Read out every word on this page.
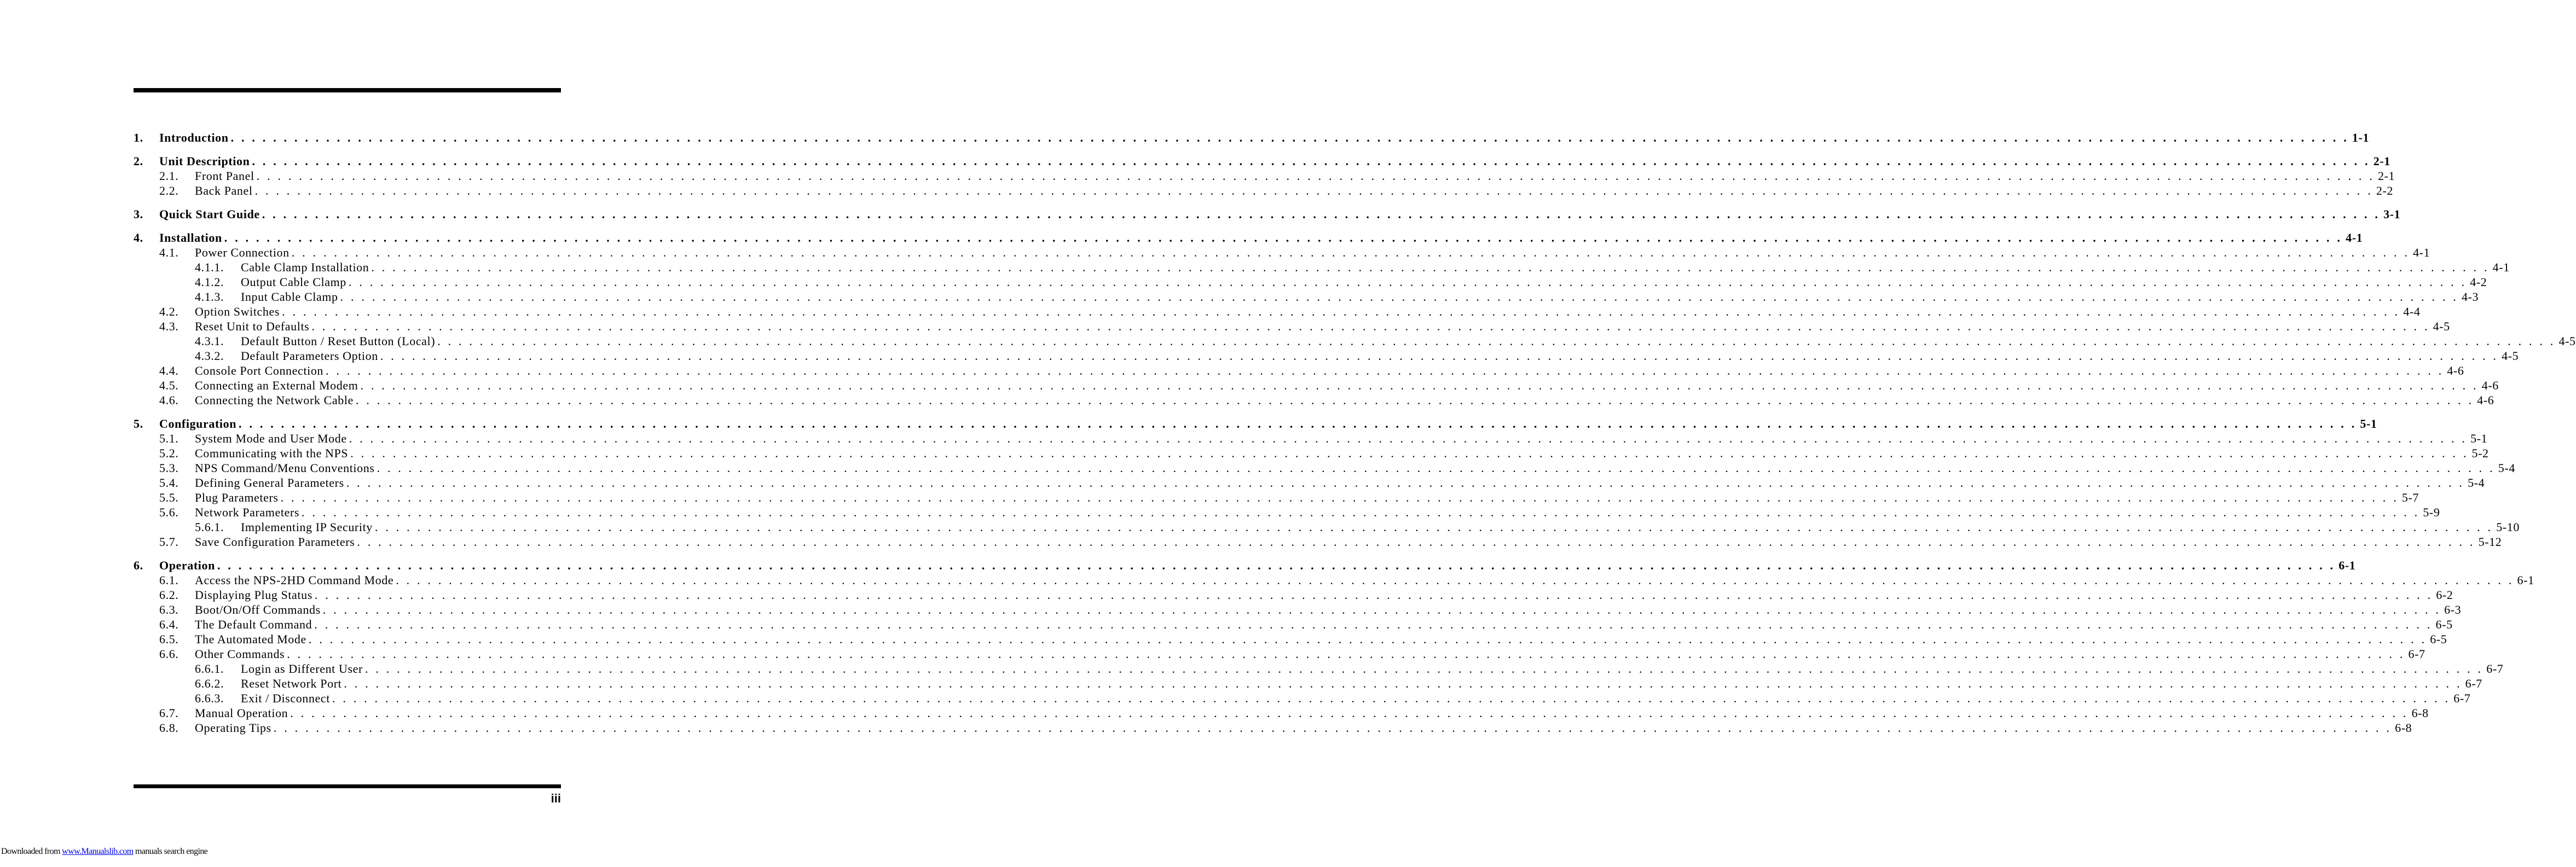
1.	Introduction . . . . . . . . . . . . . . . . . . . . . . . . . . . . . . . . . . . . . . . . . . . . . . . . . . . . . . . . . . . . . . . . . . . . . . . . . . . . . . . . . . . . . . . . . . . . . . . . . . . . . . . . . . . . . . . . . . . . . . . . . . . . . . . . . . . . . . . . . . . . . . . . . . . . . . . . . . . . . . . . . . . . . . . . . . . . . . . . . . . . . . . . . . . . . . . . . . . . . . . . 1-1
2.	Unit Description . . . . . . . . . . . . . . . . . . . . . . . . . . . . . . . . . . . . . . . . . . . . . . . . . . . . . . . . . . . . . . . . . . . . . . . . . . . . . . . . . . . . . . . . . . . . . . . . . . . . . . . . . . . . . . . . . . . . . . . . . . . . . . . . . . . . . . . . . . . . . . . . . . . . . . . . . . . . . . . . . . . . . . . . . . . . . . . . . . . . . . . . . . . . . . . . . . . . . . . . 2-1
2.1.	Front Panel . . . . . . . . . . . . . . . . . . . . . . . . . . . . . . . . . . . . . . . . . . . . . . . . . . . . . . . . . . . . . . . . . . . . . . . . . . . . . . . . . . . . . . . . . . . . . . . . . . . . . . . . . . . . . . . . . . . . . . . . . . . . . . . . . . . . . . . . . . . . . . . . . . . . . . . . . . . . . . . . . . . . . . . . . . . . . . . . . . . . . . . . . . . . . . . . . . . . . . . . 2-1
2.2.	Back Panel . . . . . . . . . . . . . . . . . . . . . . . . . . . . . . . . . . . . . . . . . . . . . . . . . . . . . . . . . . . . . . . . . . . . . . . . . . . . . . . . . . . . . . . . . . . . . . . . . . . . . . . . . . . . . . . . . . . . . . . . . . . . . . . . . . . . . . . . . . . . . . . . . . . . . . . . . . . . . . . . . . . . . . . . . . . . . . . . . . . . . . . . . . . . . . . . . . . . . . . . 2-2
3.	Quick Start Guide . . . . . . . . . . . . . . . . . . . . . . . . . . . . . . . . . . . . . . . . . . . . . . . . . . . . . . . . . . . . . . . . . . . . . . . . . . . . . . . . . . . . . . . . . . . . . . . . . . . . . . . . . . . . . . . . . . . . . . . . . . . . . . . . . . . . . . . . . . . . . . . . . . . . . . . . . . . . . . . . . . . . . . . . . . . . . . . . . . . . . . . . . . . . . . . . . . . . . . . . 3-1
4.	Installation . . . . . . . . . . . . . . . . . . . . . . . . . . . . . . . . . . . . . . . . . . . . . . . . . . . . . . . . . . . . . . . . . . . . . . . . . . . . . . . . . . . . . . . . . . . . . . . . . . . . . . . . . . . . . . . . . . . . . . . . . . . . . . . . . . . . . . . . . . . . . . . . . . . . . . . . . . . . . . . . . . . . . . . . . . . . . . . . . . . . . . . . . . . . . . . . . . . . . . . . 4-1
4.1.	Power Connection . . . . . . . . . . . . . . . . . . . . . . . . . . . . . . . . . . . . . . . . . . . . . . . . . . . . . . . . . . . . . . . . . . . . . . . . . . . . . . . . . . . . . . . . . . . . . . . . . . . . . . . . . . . . . . . . . . . . . . . . . . . . . . . . . . . . . . . . . . . . . . . . . . . . . . . . . . . . . . . . . . . . . . . . . . . . . . . . . . . . . . . . . . . . . . . . . . . . . . . . 4-1
4.1.1.	Cable Clamp Installation . . . . . . . . . . . . . . . . . . . . . . . . . . . . . . . . . . . . . . . . . . . . . . . . . . . . . . . . . . . . . . . . . . . . . . . . . . . . . . . . . . . . . . . . . . . . . . . . . . . . . . . . . . . . . . . . . . . . . . . . . . . . . . . . . . . . . . . . . . . . . . . . . . . . . . . . . . . . . . . . . . . . . . . . . . . . . . . . . . . . . . . . . . . . . . . . . . . . . . . . 4-1
4.1.2.	Output Cable Clamp . . . . . . . . . . . . . . . . . . . . . . . . . . . . . . . . . . . . . . . . . . . . . . . . . . . . . . . . . . . . . . . . . . . . . . . . . . . . . . . . . . . . . . . . . . . . . . . . . . . . . . . . . . . . . . . . . . . . . . . . . . . . . . . . . . . . . . . . . . . . . . . . . . . . . . . . . . . . . . . . . . . . . . . . . . . . . . . . . . . . . . . . . . . . . . . . . . . . . . . . 4-2
4.1.3.	Input Cable Clamp . . . . . . . . . . . . . . . . . . . . . . . . . . . . . . . . . . . . . . . . . . . . . . . . . . . . . . . . . . . . . . . . . . . . . . . . . . . . . . . . . . . . . . . . . . . . . . . . . . . . . . . . . . . . . . . . . . . . . . . . . . . . . . . . . . . . . . . . . . . . . . . . . . . . . . . . . . . . . . . . . . . . . . . . . . . . . . . . . . . . . . . . . . . . . . . . . . . . . . . . 4-3
4.2.	Option Switches . . . . . . . . . . . . . . . . . . . . . . . . . . . . . . . . . . . . . . . . . . . . . . . . . . . . . . . . . . . . . . . . . . . . . . . . . . . . . . . . . . . . . . . . . . . . . . . . . . . . . . . . . . . . . . . . . . . . . . . . . . . . . . . . . . . . . . . . . . . . . . . . . . . . . . . . . . . . . . . . . . . . . . . . . . . . . . . . . . . . . . . . . . . . . . . . . . . . . . . . 4-4
4.3.	Reset Unit to Defaults . . . . . . . . . . . . . . . . . . . . . . . . . . . . . . . . . . . . . . . . . . . . . . . . . . . . . . . . . . . . . . . . . . . . . . . . . . . . . . . . . . . . . . . . . . . . . . . . . . . . . . . . . . . . . . . . . . . . . . . . . . . . . . . . . . . . . . . . . . . . . . . . . . . . . . . . . . . . . . . . . . . . . . . . . . . . . . . . . . . . . . . . . . . . . . . . . . . . . . . . 4-5
4.3.1.	Default Button / Reset Button (Local) . . . . . . . . . . . . . . . . . . . . . . . . . . . . . . . . . . . . . . . . . . . . . . . . . . . . . . . . . . . . . . . . . . . . . . . . . . . . . . . . . . . . . . . . . . . . . . . . . . . . . . . . . . . . . . . . . . . . . . . . . . . . . . . . . . . . . . . . . . . . . . . . . . . . . . . . . . . . . . . . . . . . . . . . . . . . . . . . . . . . . . . . . . . . . . . . . . . . . . . . 4-5
4.3.2.	Default Parameters Option . . . . . . . . . . . . . . . . . . . . . . . . . . . . . . . . . . . . . . . . . . . . . . . . . . . . . . . . . . . . . . . . . . . . . . . . . . . . . . . . . . . . . . . . . . . . . . . . . . . . . . . . . . . . . . . . . . . . . . . . . . . . . . . . . . . . . . . . . . . . . . . . . . . . . . . . . . . . . . . . . . . . . . . . . . . . . . . . . . . . . . . . . . . . . . . . . . . . . . . . 4-5
4.4.	Console Port Connection . . . . . . . . . . . . . . . . . . . . . . . . . . . . . . . . . . . . . . . . . . . . . . . . . . . . . . . . . . . . . . . . . . . . . . . . . . . . . . . . . . . . . . . . . . . . . . . . . . . . . . . . . . . . . . . . . . . . . . . . . . . . . . . . . . . . . . . . . . . . . . . . . . . . . . . . . . . . . . . . . . . . . . . . . . . . . . . . . . . . . . . . . . . . . . . . . . . . . . . . 4-6
4.5.	Connecting an External Modem . . . . . . . . . . . . . . . . . . . . . . . . . . . . . . . . . . . . . . . . . . . . . . . . . . . . . . . . . . . . . . . . . . . . . . . . . . . . . . . . . . . . . . . . . . . . . . . . . . . . . . . . . . . . . . . . . . . . . . . . . . . . . . . . . . . . . . . . . . . . . . . . . . . . . . . . . . . . . . . . . . . . . . . . . . . . . . . . . . . . . . . . . . . . . . . . . . . . . . . . 4-6
4.6.	Connecting the Network Cable . . . . . . . . . . . . . . . . . . . . . . . . . . . . . . . . . . . . . . . . . . . . . . . . . . . . . . . . . . . . . . . . . . . . . . . . . . . . . . . . . . . . . . . . . . . . . . . . . . . . . . . . . . . . . . . . . . . . . . . . . . . . . . . . . . . . . . . . . . . . . . . . . . . . . . . . . . . . . . . . . . . . . . . . . . . . . . . . . . . . . . . . . . . . . . . . . . . . . . . . 4-6
5.	Configuration . . . . . . . . . . . . . . . . . . . . . . . . . . . . . . . . . . . . . . . . . . . . . . . . . . . . . . . . . . . . . . . . . . . . . . . . . . . . . . . . . . . . . . . . . . . . . . . . . . . . . . . . . . . . . . . . . . . . . . . . . . . . . . . . . . . . . . . . . . . . . . . . . . . . . . . . . . . . . . . . . . . . . . . . . . . . . . . . . . . . . . . . . . . . . . . . . . . . . . . . 5-1
5.1.	System Mode and User Mode . . . . . . . . . . . . . . . . . . . . . . . . . . . . . . . . . . . . . . . . . . . . . . . . . . . . . . . . . . . . . . . . . . . . . . . . . . . . . . . . . . . . . . . . . . . . . . . . . . . . . . . . . . . . . . . . . . . . . . . . . . . . . . . . . . . . . . . . . . . . . . . . . . . . . . . . . . . . . . . . . . . . . . . . . . . . . . . . . . . . . . . . . . . . . . . . . . . . . . . . 5-1
5.2.	Communicating with the NPS . . . . . . . . . . . . . . . . . . . . . . . . . . . . . . . . . . . . . . . . . . . . . . . . . . . . . . . . . . . . . . . . . . . . . . . . . . . . . . . . . . . . . . . . . . . . . . . . . . . . . . . . . . . . . . . . . . . . . . . . . . . . . . . . . . . . . . . . . . . . . . . . . . . . . . . . . . . . . . . . . . . . . . . . . . . . . . . . . . . . . . . . . . . . . . . . . . . . . . . . 5-2
5.3.	NPS Command/Menu Conventions . . . . . . . . . . . . . . . . . . . . . . . . . . . . . . . . . . . . . . . . . . . . . . . . . . . . . . . . . . . . . . . . . . . . . . . . . . . . . . . . . . . . . . . . . . . . . . . . . . . . . . . . . . . . . . . . . . . . . . . . . . . . . . . . . . . . . . . . . . . . . . . . . . . . . . . . . . . . . . . . . . . . . . . . . . . . . . . . . . . . . . . . . . . . . . . . . . . . . . . . 5-4
5.4.	Defining General Parameters . . . . . . . . . . . . . . . . . . . . . . . . . . . . . . . . . . . . . . . . . . . . . . . . . . . . . . . . . . . . . . . . . . . . . . . . . . . . . . . . . . . . . . . . . . . . . . . . . . . . . . . . . . . . . . . . . . . . . . . . . . . . . . . . . . . . . . . . . . . . . . . . . . . . . . . . . . . . . . . . . . . . . . . . . . . . . . . . . . . . . . . . . . . . . . . . . . . . . . . . 5-4
5.5.	Plug Parameters . . . . . . . . . . . . . . . . . . . . . . . . . . . . . . . . . . . . . . . . . . . . . . . . . . . . . . . . . . . . . . . . . . . . . . . . . . . . . . . . . . . . . . . . . . . . . . . . . . . . . . . . . . . . . . . . . . . . . . . . . . . . . . . . . . . . . . . . . . . . . . . . . . . . . . . . . . . . . . . . . . . . . . . . . . . . . . . . . . . . . . . . . . . . . . . . . . . . . . . . 5-7
5.6.	Network Parameters . . . . . . . . . . . . . . . . . . . . . . . . . . . . . . . . . . . . . . . . . . . . . . . . . . . . . . . . . . . . . . . . . . . . . . . . . . . . . . . . . . . . . . . . . . . . . . . . . . . . . . . . . . . . . . . . . . . . . . . . . . . . . . . . . . . . . . . . . . . . . . . . . . . . . . . . . . . . . . . . . . . . . . . . . . . . . . . . . . . . . . . . . . . . . . . . . . . . . . . . 5-9
5.6.1.	Implementing IP Security . . . . . . . . . . . . . . . . . . . . . . . . . . . . . . . . . . . . . . . . . . . . . . . . . . . . . . . . . . . . . . . . . . . . . . . . . . . . . . . . . . . . . . . . . . . . . . . . . . . . . . . . . . . . . . . . . . . . . . . . . . . . . . . . . . . . . . . . . . . . . . . . . . . . . . . . . . . . . . . . . . . . . . . . . . . . . . . . . . . . . . . . . . . . . . . . . . . . . . . . 5-10
5.7.	Save Configuration Parameters . . . . . . . . . . . . . . . . . . . . . . . . . . . . . . . . . . . . . . . . . . . . . . . . . . . . . . . . . . . . . . . . . . . . . . . . . . . . . . . . . . . . . . . . . . . . . . . . . . . . . . . . . . . . . . . . . . . . . . . . . . . . . . . . . . . . . . . . . . . . . . . . . . . . . . . . . . . . . . . . . . . . . . . . . . . . . . . . . . . . . . . . . . . . . . . . . . . . . . . . 5-12
6.	Operation . . . . . . . . . . . . . . . . . . . . . . . . . . . . . . . . . . . . . . . . . . . . . . . . . . . . . . . . . . . . . . . . . . . . . . . . . . . . . . . . . . . . . . . . . . . . . . . . . . . . . . . . . . . . . . . . . . . . . . . . . . . . . . . . . . . . . . . . . . . . . . . . . . . . . . . . . . . . . . . . . . . . . . . . . . . . . . . . . . . . . . . . . . . . . . . . . . . . . . . . 6-1
6.1.	Access the NPS-2HD Command Mode . . . . . . . . . . . . . . . . . . . . . . . . . . . . . . . . . . . . . . . . . . . . . . . . . . . . . . . . . . . . . . . . . . . . . . . . . . . . . . . . . . . . . . . . . . . . . . . . . . . . . . . . . . . . . . . . . . . . . . . . . . . . . . . . . . . . . . . . . . . . . . . . . . . . . . . . . . . . . . . . . . . . . . . . . . . . . . . . . . . . . . . . . . . . . . . . . . . . . . . . 6-1
6.2.	Displaying Plug Status . . . . . . . . . . . . . . . . . . . . . . . . . . . . . . . . . . . . . . . . . . . . . . . . . . . . . . . . . . . . . . . . . . . . . . . . . . . . . . . . . . . . . . . . . . . . . . . . . . . . . . . . . . . . . . . . . . . . . . . . . . . . . . . . . . . . . . . . . . . . . . . . . . . . . . . . . . . . . . . . . . . . . . . . . . . . . . . . . . . . . . . . . . . . . . . . . . . . . . . . 6-2
6.3.	Boot/On/Off Commands . . . . . . . . . . . . . . . . . . . . . . . . . . . . . . . . . . . . . . . . . . . . . . . . . . . . . . . . . . . . . . . . . . . . . . . . . . . . . . . . . . . . . . . . . . . . . . . . . . . . . . . . . . . . . . . . . . . . . . . . . . . . . . . . . . . . . . . . . . . . . . . . . . . . . . . . . . . . . . . . . . . . . . . . . . . . . . . . . . . . . . . . . . . . . . . . . . . . . . . . 6-3
6.4.	The Default Command . . . . . . . . . . . . . . . . . . . . . . . . . . . . . . . . . . . . . . . . . . . . . . . . . . . . . . . . . . . . . . . . . . . . . . . . . . . . . . . . . . . . . . . . . . . . . . . . . . . . . . . . . . . . . . . . . . . . . . . . . . . . . . . . . . . . . . . . . . . . . . . . . . . . . . . . . . . . . . . . . . . . . . . . . . . . . . . . . . . . . . . . . . . . . . . . . . . . . . . . 6-5
6.5.	The Automated Mode . . . . . . . . . . . . . . . . . . . . . . . . . . . . . . . . . . . . . . . . . . . . . . . . . . . . . . . . . . . . . . . . . . . . . . . . . . . . . . . . . . . . . . . . . . . . . . . . . . . . . . . . . . . . . . . . . . . . . . . . . . . . . . . . . . . . . . . . . . . . . . . . . . . . . . . . . . . . . . . . . . . . . . . . . . . . . . . . . . . . . . . . . . . . . . . . . . . . . . . . 6-5
6.6.	Other Commands . . . . . . . . . . . . . . . . . . . . . . . . . . . . . . . . . . . . . . . . . . . . . . . . . . . . . . . . . . . . . . . . . . . . . . . . . . . . . . . . . . . . . . . . . . . . . . . . . . . . . . . . . . . . . . . . . . . . . . . . . . . . . . . . . . . . . . . . . . . . . . . . . . . . . . . . . . . . . . . . . . . . . . . . . . . . . . . . . . . . . . . . . . . . . . . . . . . . . . . . 6-7
6.6.1.	Login as Different User . . . . . . . . . . . . . . . . . . . . . . . . . . . . . . . . . . . . . . . . . . . . . . . . . . . . . . . . . . . . . . . . . . . . . . . . . . . . . . . . . . . . . . . . . . . . . . . . . . . . . . . . . . . . . . . . . . . . . . . . . . . . . . . . . . . . . . . . . . . . . . . . . . . . . . . . . . . . . . . . . . . . . . . . . . . . . . . . . . . . . . . . . . . . . . . . . . . . . . . . 6-7
6.6.2.	Reset Network Port . . . . . . . . . . . . . . . . . . . . . . . . . . . . . . . . . . . . . . . . . . . . . . . . . . . . . . . . . . . . . . . . . . . . . . . . . . . . . . . . . . . . . . . . . . . . . . . . . . . . . . . . . . . . . . . . . . . . . . . . . . . . . . . . . . . . . . . . . . . . . . . . . . . . . . . . . . . . . . . . . . . . . . . . . . . . . . . . . . . . . . . . . . . . . . . . . . . . . . . . 6-7
6.6.3.	Exit / Disconnect . . . . . . . . . . . . . . . . . . . . . . . . . . . . . . . . . . . . . . . . . . . . . . . . . . . . . . . . . . . . . . . . . . . . . . . . . . . . . . . . . . . . . . . . . . . . . . . . . . . . . . . . . . . . . . . . . . . . . . . . . . . . . . . . . . . . . . . . . . . . . . . . . . . . . . . . . . . . . . . . . . . . . . . . . . . . . . . . . . . . . . . . . . . . . . . . . . . . . . . . 6-7
6.7.	Manual Operation . . . . . . . . . . . . . . . . . . . . . . . . . . . . . . . . . . . . . . . . . . . . . . . . . . . . . . . . . . . . . . . . . . . . . . . . . . . . . . . . . . . . . . . . . . . . . . . . . . . . . . . . . . . . . . . . . . . . . . . . . . . . . . . . . . . . . . . . . . . . . . . . . . . . . . . . . . . . . . . . . . . . . . . . . . . . . . . . . . . . . . . . . . . . . . . . . . . . . . . . 6-8
6.8.	Operating Tips . . . . . . . . . . . . . . . . . . . . . . . . . . . . . . . . . . . . . . . . . . . . . . . . . . . . . . . . . . . . . . . . . . . . . . . . . . . . . . . . . . . . . . . . . . . . . . . . . . . . . . . . . . . . . . . . . . . . . . . . . . . . . . . . . . . . . . . . . . . . . . . . . . . . . . . . . . . . . . . . . . . . . . . . . . . . . . . . . . . . . . . . . . . . . . . . . . . . . . . . 6-8
iii
Downloaded from www.Manualslib.com manuals search engine
